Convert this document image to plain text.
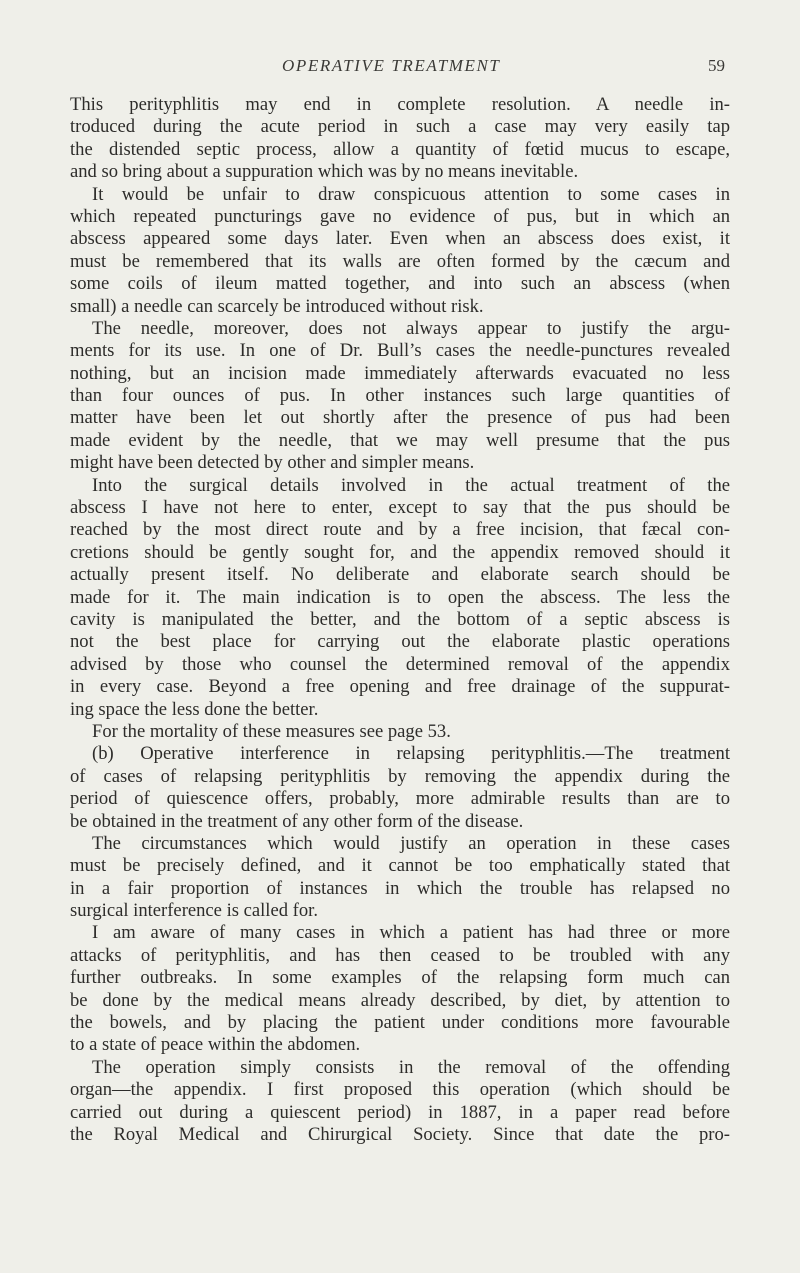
OPERATIVE TREATMENT	59
This perityphlitis may end in complete resolution. A needle in-
troduced during the acute period in such a case may very easily tap
the distended septic process, allow a quantity of fœtid mucus to escape,
and so bring about a suppuration which was by no means inevitable.
It would be unfair to draw conspicuous attention to some cases in
which repeated puncturings gave no evidence of pus, but in which an
abscess appeared some days later. Even when an abscess does exist, it
must be remembered that its walls are often formed by the cæcum and
some coils of ileum matted together, and into such an abscess (when
small) a needle can scarcely be introduced without risk.
The needle, moreover, does not always appear to justify the argu-
ments for its use. In one of Dr. Bull’s cases the needle-punctures revealed
nothing, but an incision made immediately afterwards evacuated no less
than four ounces of pus. In other instances such large quantities of
matter have been let out shortly after the presence of pus had been
made evident by the needle, that we may well presume that the pus
might have been detected by other and simpler means.
Into the surgical details involved in the actual treatment of the
abscess I have not here to enter, except to say that the pus should be
reached by the most direct route and by a free incision, that fæcal con-
cretions should be gently sought for, and the appendix removed should it
actually present itself. No deliberate and elaborate search should be
made for it. The main indication is to open the abscess. The less the
cavity is manipulated the better, and the bottom of a septic abscess is
not the best place for carrying out the elaborate plastic operations
advised by those who counsel the determined removal of the appendix
in every case. Beyond a free opening and free drainage of the suppurat-
ing space the less done the better.
For the mortality of these measures see page 53.
(b) Operative interference in relapsing perityphlitis.—The treatment
of cases of relapsing perityphlitis by removing the appendix during the
period of quiescence offers, probably, more admirable results than are to
be obtained in the treatment of any other form of the disease.
The circumstances which would justify an operation in these cases
must be precisely defined, and it cannot be too emphatically stated that
in a fair proportion of instances in which the trouble has relapsed no
surgical interference is called for.
I am aware of many cases in which a patient has had three or more
attacks of perityphlitis, and has then ceased to be troubled with any
further outbreaks. In some examples of the relapsing form much can
be done by the medical means already described, by diet, by attention to
the bowels, and by placing the patient under conditions more favourable
to a state of peace within the abdomen.
The operation simply consists in the removal of the offending
organ—the appendix. I first proposed this operation (which should be
carried out during a quiescent period) in 1887, in a paper read before
the Royal Medical and Chirurgical Society. Since that date the pro-
